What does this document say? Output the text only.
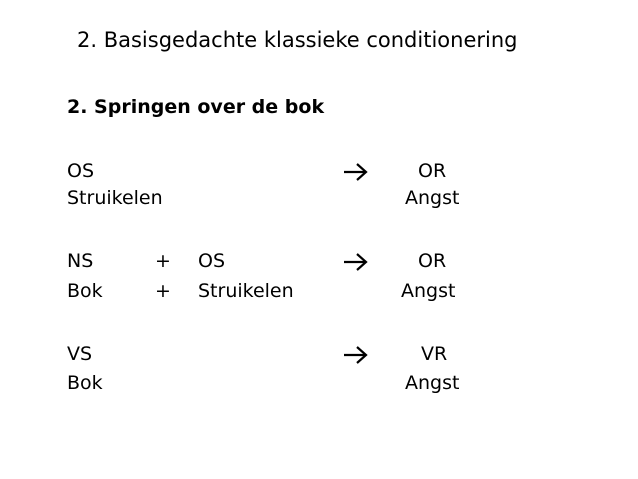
2. Basisgedachte klassieke conditionering
2. Springen over de bok
OS
Struikelen
OR
Angst
NS	+ OS
Bok	+ Struikelen
OR
Angst
VS
Bok
VR
Angst
